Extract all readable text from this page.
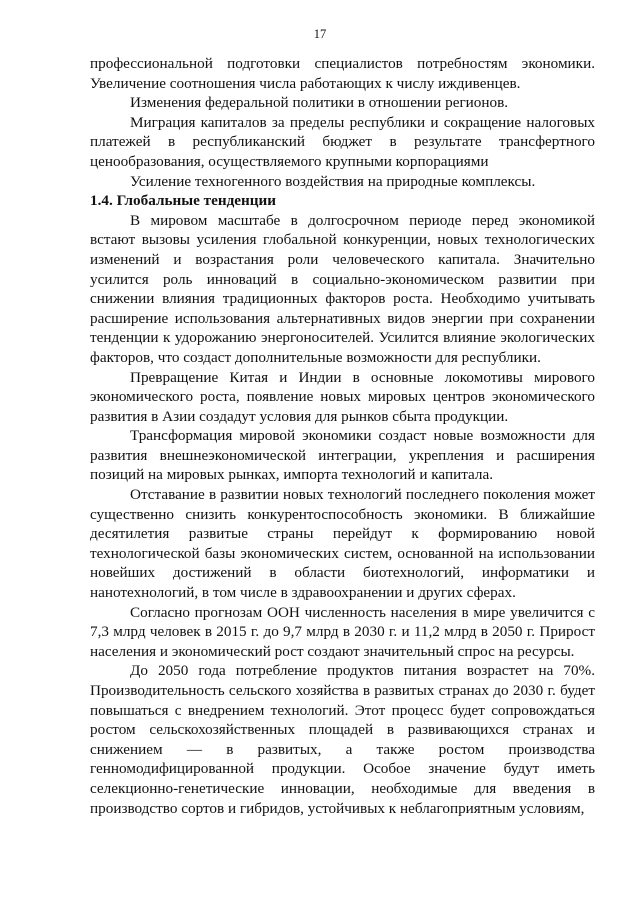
17

профессиональной подготовки специалистов потребностям экономики. Увеличение соотношения числа работающих к числу иждивенцев.

Изменения федеральной политики в отношении регионов.

Миграция капиталов за пределы республики и сокращение налоговых платежей в республиканский бюджет в результате трансфертного ценообразования, осуществляемого крупными корпорациями

Усиление техногенного воздействия на природные комплексы.

1.4. Глобальные тенденции

В мировом масштабе в долгосрочном периоде перед экономикой встают вызовы усиления глобальной конкуренции, новых технологических изменений и возрастания роли человеческого капитала. Значительно усилится роль инноваций в социально-экономическом развитии при снижении влияния традиционных факторов роста. Необходимо учитывать расширение использования альтернативных видов энергии при сохранении тенденции к удорожанию энергоносителей. Усилится влияние экологических факторов, что создаст дополнительные возможности для республики.

Превращение Китая и Индии в основные локомотивы мирового экономического роста, появление новых мировых центров экономического развития в Азии создадут условия для рынков сбыта продукции.

Трансформация мировой экономики создаст новые возможности для развития внешнеэкономической интеграции, укрепления и расширения позиций на мировых рынках, импорта технологий и капитала.

Отставание в развитии новых технологий последнего поколения может существенно снизить конкурентоспособность экономики. В ближайшие десятилетия развитые страны перейдут к формированию новой технологической базы экономических систем, основанной на использовании новейших достижений в области биотехнологий, информатики и нанотехнологий, в том числе в здравоохранении и других сферах.

Согласно прогнозам ООН численность населения в мире увеличится с 7,3 млрд человек в 2015 г. до 9,7 млрд в 2030 г. и 11,2 млрд в 2050 г. Прирост населения и экономический рост создают значительный спрос на ресурсы.

До 2050 года потребление продуктов питания возрастет на 70%. Производительность сельского хозяйства в развитых странах до 2030 г. будет повышаться с внедрением технологий. Этот процесс будет сопровождаться ростом сельскохозяйственных площадей в развивающихся странах и снижением — в развитых, а также ростом производства генномодифицированной продукции. Особое значение будут иметь селекционно-генетические инновации, необходимые для введения в производство сортов и гибридов, устойчивых к неблагоприятным условиям,
